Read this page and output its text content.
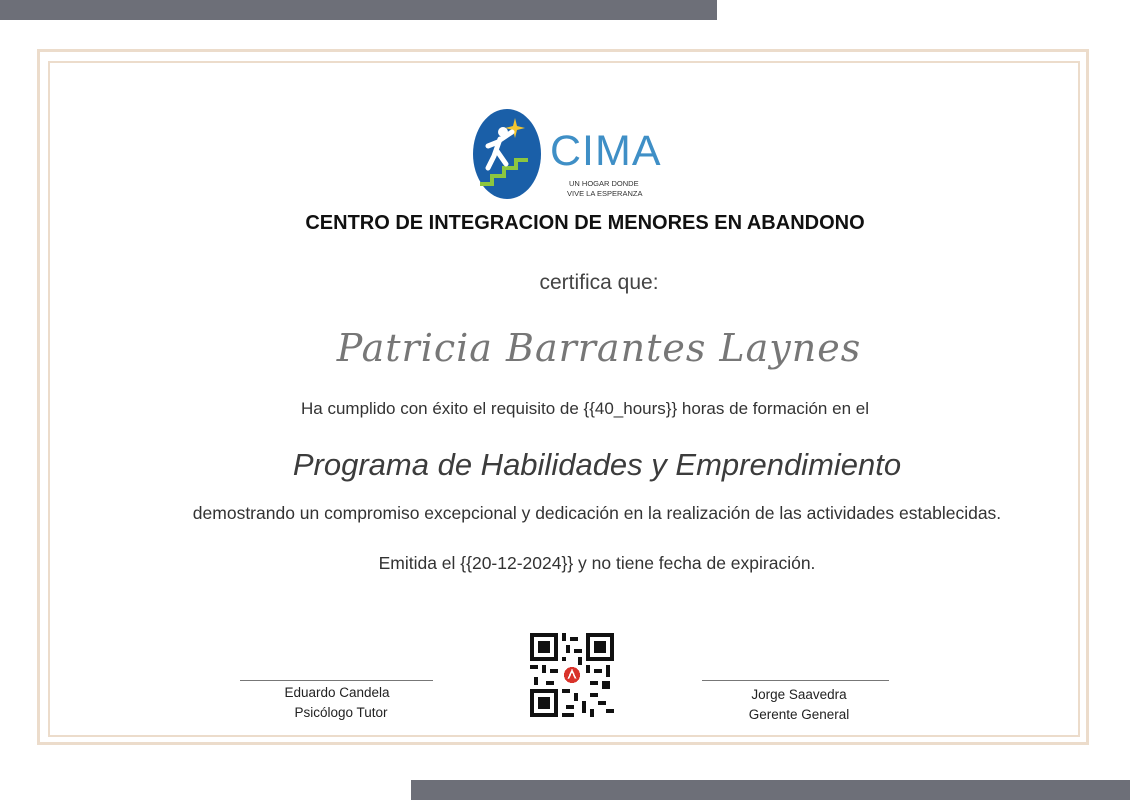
CIMA
UN HOGAR DONDE
VIVE LA ESPERANZA
CENTRO DE INTEGRACION DE MENORES EN ABANDONO
certifica que:
Patricia Barrantes Laynes
Ha cumplido con éxito el requisito de {{40_hours}} horas de formación en el
Programa de Habilidades y Emprendimiento
demostrando un compromiso excepcional y dedicación en la realización de las actividades establecidas.
Emitida el {{20-12-2024}} y no tiene fecha de expiración.
Eduardo Candela
Psicólogo Tutor
Jorge Saavedra
Gerente General
